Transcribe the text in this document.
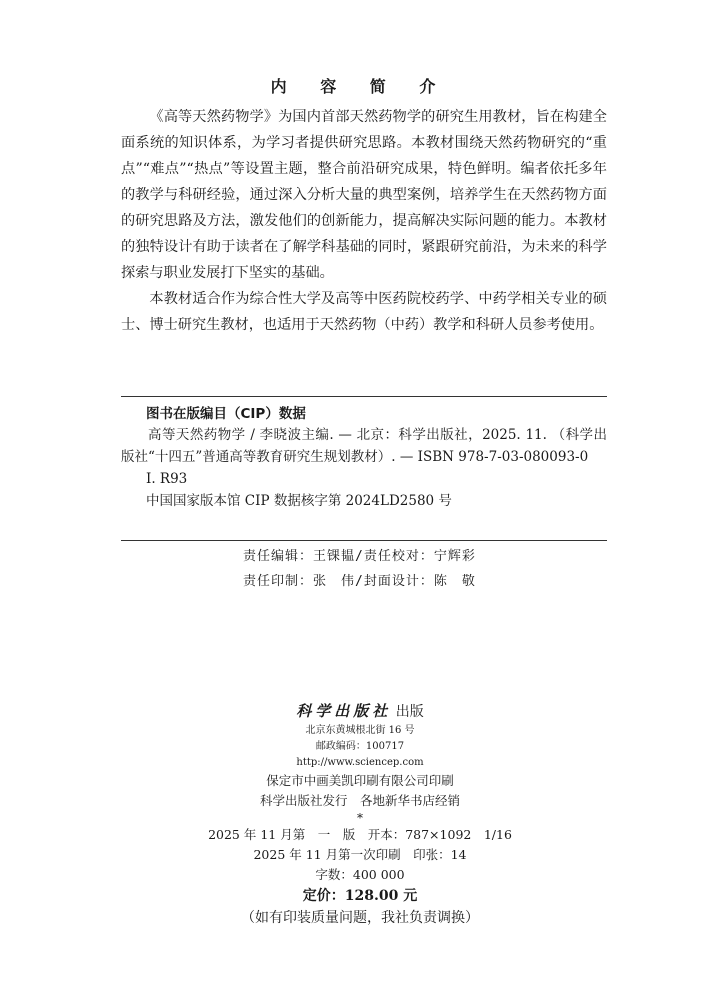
内 容 简 介

《高等天然药物学》为国内首部天然药物学的研究生用教材，旨在构建全面系统的知识体系，为学习者提供研究思路。本教材围绕天然药物研究的“重点”“难点”“热点”等设置主题，整合前沿研究成果，特色鲜明。编者依托多年的教学与科研经验，通过深入分析大量的典型案例，培养学生在天然药物方面的研究思路及方法，激发他们的创新能力，提高解决实际问题的能力。本教材的独特设计有助于读者在了解学科基础的同时，紧跟研究前沿，为未来的科学探索与职业发展打下坚实的基础。

本教材适合作为综合性大学及高等中医药院校药学、中药学相关专业的硕士、博士研究生教材，也适用于天然药物（中药）教学和科研人员参考使用。

图书在版编目（CIP）数据

高等天然药物学 / 李晓波主编. — 北京：科学出版社，2025. 11. （科学出版社“十四五”普通高等教育研究生规划教材）. — ISBN 978-7-03-080093-0

Ⅰ. R93

中国国家版本馆 CIP 数据核字第 2024LD2580 号

责任编辑：王锞韫/责任校对：宁辉彩
责任印制：张　伟/封面设计：陈　敬
科学出版社 出版
北京东黄城根北街 16 号
邮政编码：100717
http://www.sciencep.com
保定市中画美凯印刷有限公司印刷
科学出版社发行　各地新华书店经销
*
2025 年 11 月第　一　版　开本：787×1092　1/16
2025 年 11 月第一次印刷　印张：14
字数：400 000
定价：128.00 元
（如有印装质量问题，我社负责调换）
